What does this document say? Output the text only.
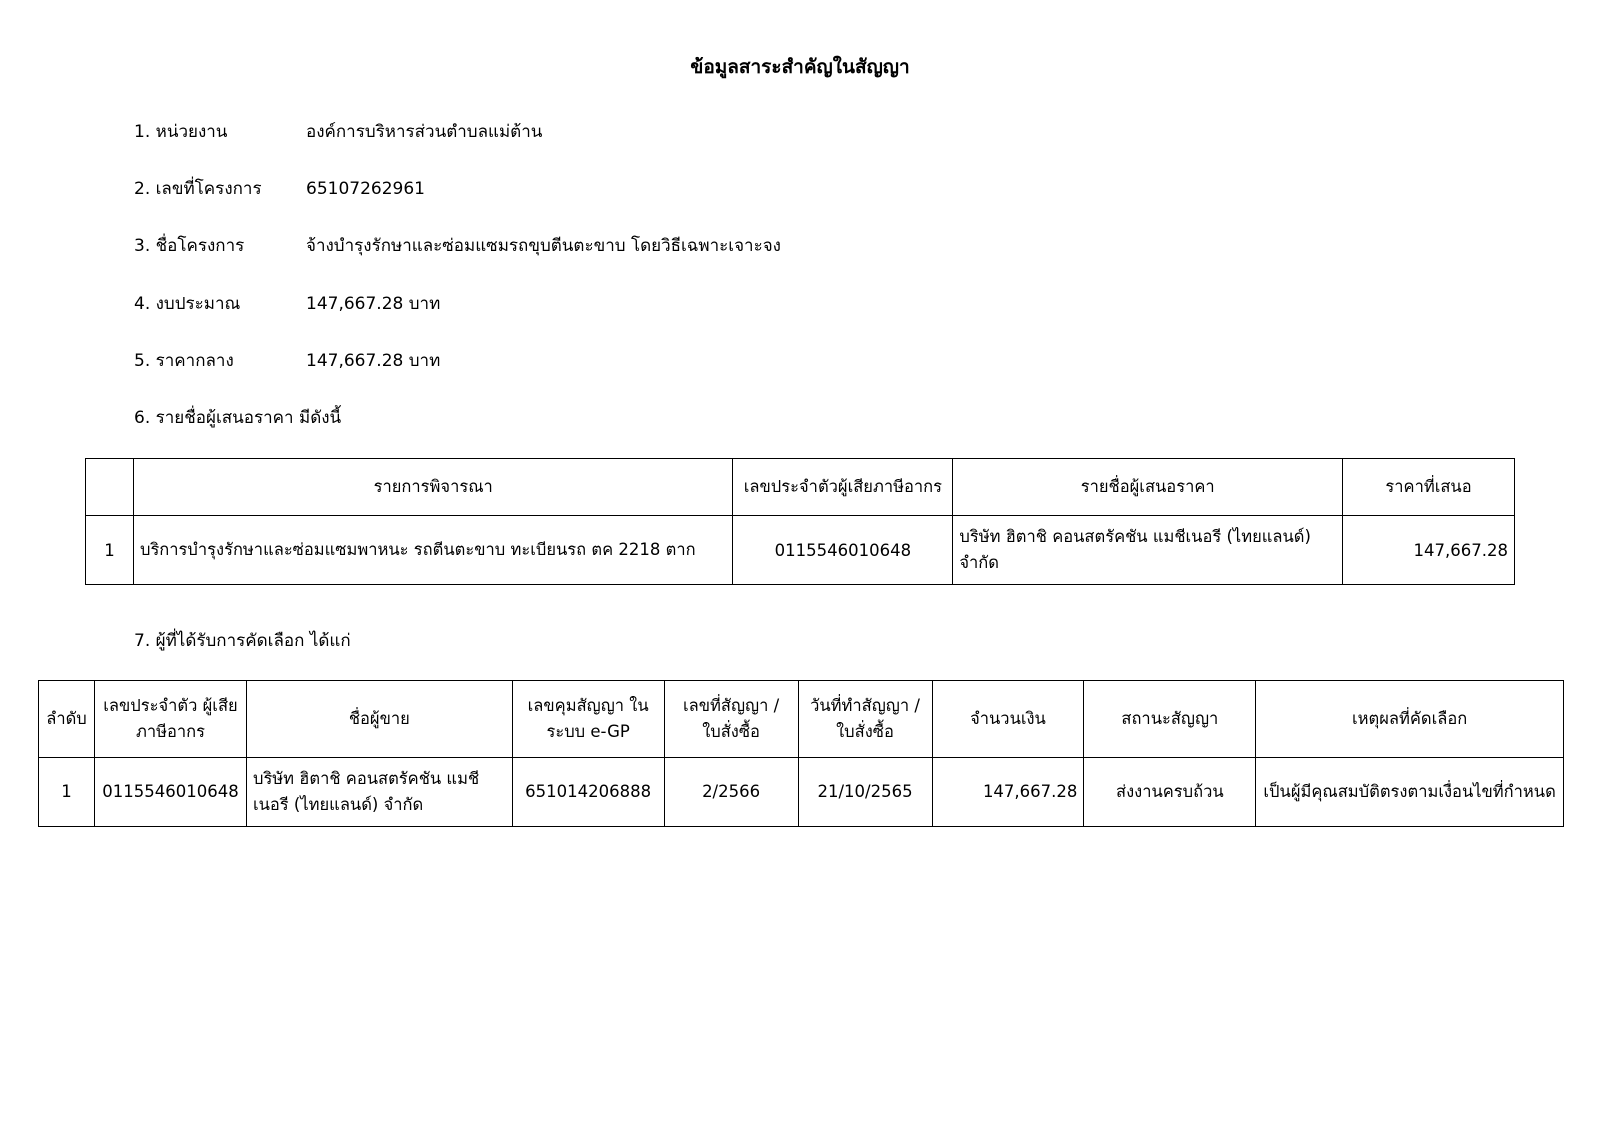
ข้อมูลสาระสำคัญในสัญญา
1. หน่วยงาน	องค์การบริหารส่วนตำบลแม่ต้าน
2. เลขที่โครงการ	65107262961
3. ชื่อโครงการ	จ้างบำรุงรักษาและซ่อมแซมรถขุบตีนตะขาบ โดยวิธีเฉพาะเจาะจง
4. งบประมาณ	147,667.28 บาท
5. ราคากลาง	147,667.28 บาท
6. รายชื่อผู้เสนอราคา มีดังนี้
	รายการพิจารณา	เลขประจำตัวผู้เสียภาษีอากร	รายชื่อผู้เสนอราคา	ราคาที่เสนอ
1	บริการบำรุงรักษาและซ่อมแซมพาหนะ รถตีนตะขาบ ทะเบียนรถ ตค 2218 ตาก	0115546010648	บริษัท ฮิตาชิ คอนสตรัคชัน แมชีเนอรี (ไทยแลนด์) จำกัด	147,667.28
7. ผู้ที่ได้รับการคัดเลือก ได้แก่
ลำดับ	เลขประจำตัว ผู้เสียภาษีอากร	ชื่อผู้ขาย	เลขคุมสัญญา ในระบบ e-GP	เลขที่สัญญา / ใบสั่งซื้อ	วันที่ทำสัญญา / ใบสั่งซื้อ	จำนวนเงิน	สถานะสัญญา	เหตุผลที่คัดเลือก
1	0115546010648	บริษัท ฮิตาชิ คอนสตรัคชัน แมชีเนอรี (ไทยแลนด์) จำกัด	651014206888	2/2566	21/10/2565	147,667.28	ส่งงานครบถ้วน	เป็นผู้มีคุณสมบัติตรงตามเงื่อนไขที่กำหนด
